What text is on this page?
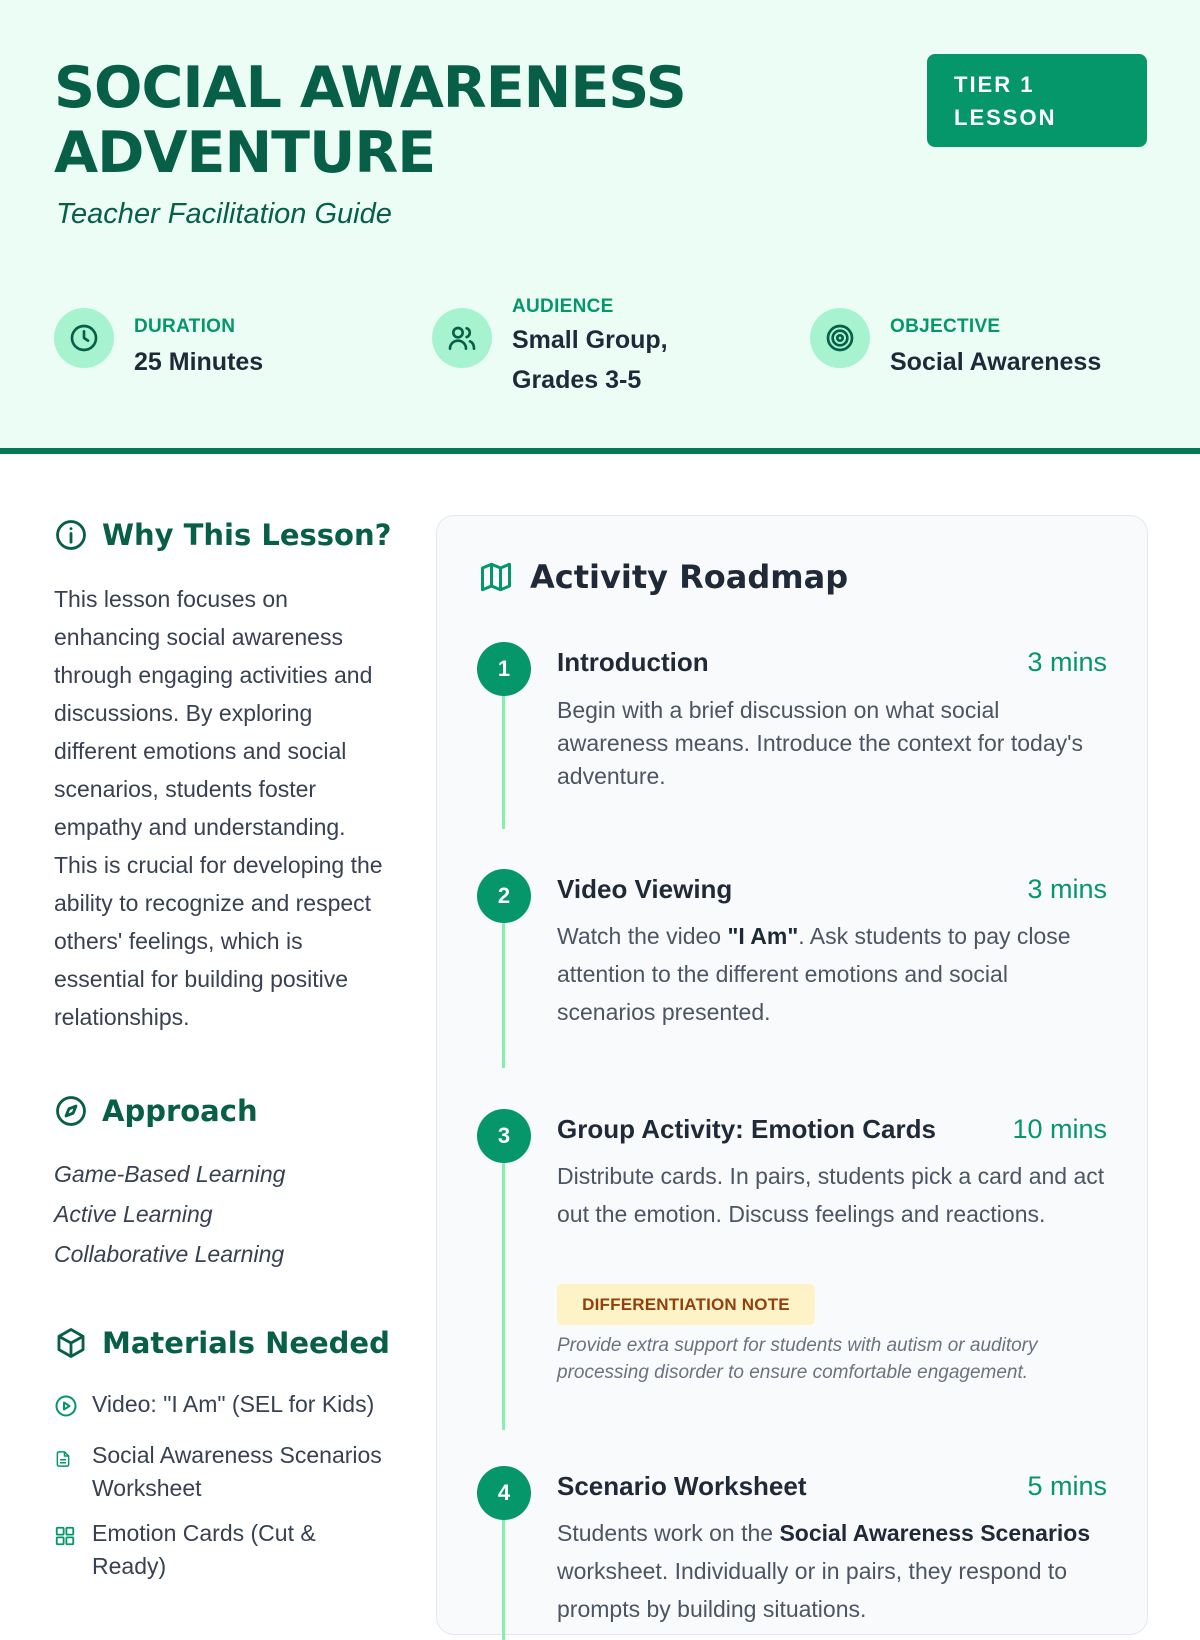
SOCIAL AWARENESS
ADVENTURE
Teacher Facilitation Guide
TIER 1
LESSON
DURATION
25 Minutes
AUDIENCE
Small Group,
Grades 3-5
OBJECTIVE
Social Awareness
Why This Lesson?
This lesson focuses on enhancing social awareness through engaging activities and discussions. By exploring different emotions and social scenarios, students foster empathy and understanding. This is crucial for developing the ability to recognize and respect others' feelings, which is essential for building positive relationships.
Approach
Game-Based Learning
Active Learning
Collaborative Learning
Materials Needed
Video: "I Am" (SEL for Kids)
Social Awareness Scenarios Worksheet
Emotion Cards (Cut & Ready)
Activity Roadmap
1	Introduction	3 mins
Begin with a brief discussion on what social awareness means. Introduce the context for today's adventure.
2	Video Viewing	3 mins
Watch the video "I Am". Ask students to pay close attention to the different emotions and social scenarios presented.
3	Group Activity: Emotion Cards	10 mins
Distribute cards. In pairs, students pick a card and act out the emotion. Discuss feelings and reactions.
DIFFERENTIATION NOTE
Provide extra support for students with autism or auditory processing disorder to ensure comfortable engagement.
4	Scenario Worksheet	5 mins
Students work on the Social Awareness Scenarios worksheet. Individually or in pairs, they respond to prompts by building situations.
